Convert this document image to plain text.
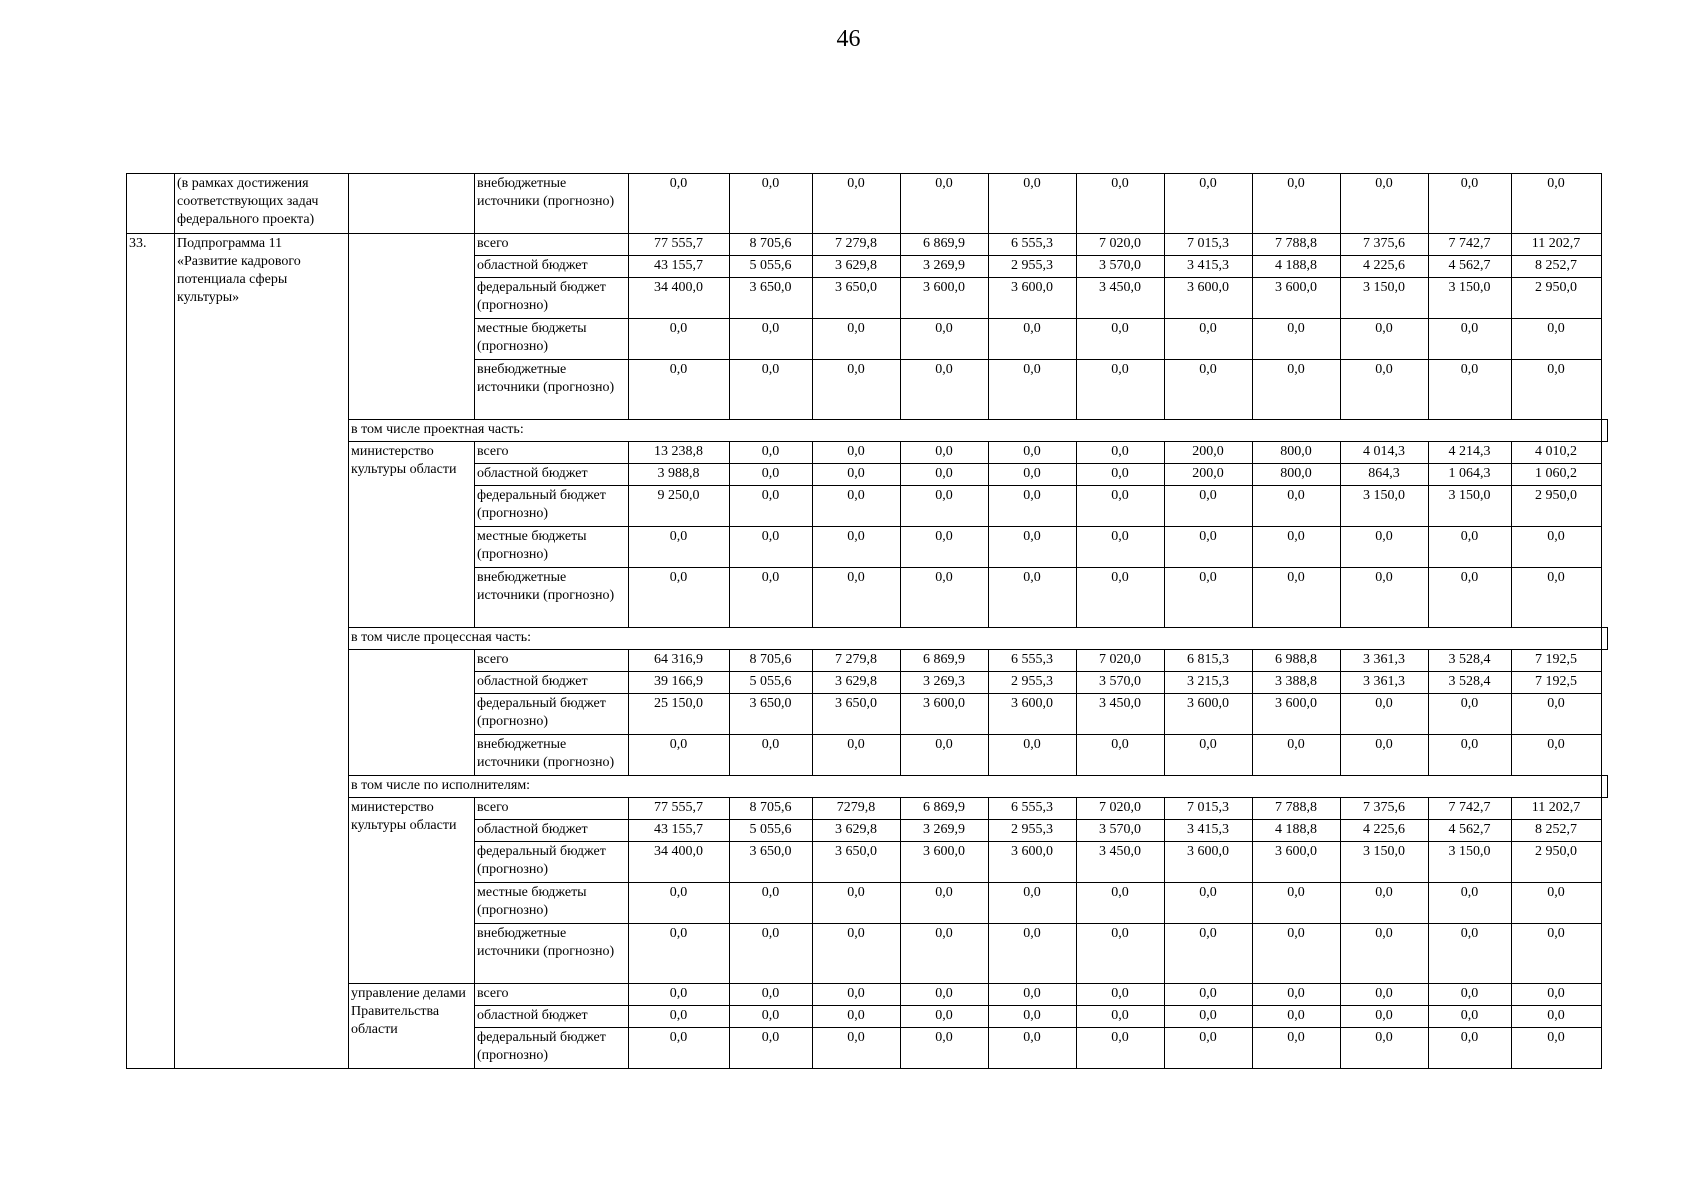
46
	(в рамках достижения соответствующих задач федерального проекта)		внебюджетные источники (прогнозно)	0,0	0,0	0,0	0,0	0,0	0,0	0,0	0,0	0,0	0,0	0,0	
33.	Подпрограмма 11 «Развитие кадрового потенциала сферы культуры»		всего	77 555,7	8 705,6	7 279,8	6 869,9	6 555,3	7 020,0	7 015,3	7 788,8	7 375,6	7 742,7	11 202,7	
			областной бюджет	43 155,7	5 055,6	3 629,8	3 269,9	2 955,3	3 570,0	3 415,3	4 188,8	4 225,6	4 562,7	8 252,7	
			федеральный бюджет (прогнозно)	34 400,0	3 650,0	3 650,0	3 600,0	3 600,0	3 450,0	3 600,0	3 600,0	3 150,0	3 150,0	2 950,0	
			местные бюджеты (прогнозно)	0,0	0,0	0,0	0,0	0,0	0,0	0,0	0,0	0,0	0,0	0,0	
			внебюджетные источники (прогнозно)	0,0	0,0	0,0	0,0	0,0	0,0	0,0	0,0	0,0	0,0	0,0	
		в том числе проектная часть:													
		министерство культуры области	всего	13 238,8	0,0	0,0	0,0	0,0	0,0	200,0	800,0	4 014,3	4 214,3	4 010,2	
			областной бюджет	3 988,8	0,0	0,0	0,0	0,0	0,0	200,0	800,0	864,3	1 064,3	1 060,2	
			федеральный бюджет (прогнозно)	9 250,0	0,0	0,0	0,0	0,0	0,0	0,0	0,0	3 150,0	3 150,0	2 950,0	
			местные бюджеты (прогнозно)	0,0	0,0	0,0	0,0	0,0	0,0	0,0	0,0	0,0	0,0	0,0	
			внебюджетные источники (прогнозно)	0,0	0,0	0,0	0,0	0,0	0,0	0,0	0,0	0,0	0,0	0,0	
		в том числе процессная часть:													
			всего	64 316,9	8 705,6	7 279,8	6 869,9	6 555,3	7 020,0	6 815,3	6 988,8	3 361,3	3 528,4	7 192,5	
			областной бюджет	39 166,9	5 055,6	3 629,8	3 269,3	2 955,3	3 570,0	3 215,3	3 388,8	3 361,3	3 528,4	7 192,5	
			федеральный бюджет (прогнозно)	25 150,0	3 650,0	3 650,0	3 600,0	3 600,0	3 450,0	3 600,0	3 600,0	0,0	0,0	0,0	
			внебюджетные источники (прогнозно)	0,0	0,0	0,0	0,0	0,0	0,0	0,0	0,0	0,0	0,0	0,0	
		в том числе по исполнителям:													
		министерство культуры области	всего	77 555,7	8 705,6	7279,8	6 869,9	6 555,3	7 020,0	7 015,3	7 788,8	7 375,6	7 742,7	11 202,7	
			областной бюджет	43 155,7	5 055,6	3 629,8	3 269,9	2 955,3	3 570,0	3 415,3	4 188,8	4 225,6	4 562,7	8 252,7	
			федеральный бюджет (прогнозно)	34 400,0	3 650,0	3 650,0	3 600,0	3 600,0	3 450,0	3 600,0	3 600,0	3 150,0	3 150,0	2 950,0	
			местные бюджеты (прогнозно)	0,0	0,0	0,0	0,0	0,0	0,0	0,0	0,0	0,0	0,0	0,0	
			внебюджетные источники (прогнозно)	0,0	0,0	0,0	0,0	0,0	0,0	0,0	0,0	0,0	0,0	0,0	
		управление делами Правительства области	всего	0,0	0,0	0,0	0,0	0,0	0,0	0,0	0,0	0,0	0,0	0,0	
			областной бюджет	0,0	0,0	0,0	0,0	0,0	0,0	0,0	0,0	0,0	0,0	0,0	
			федеральный бюджет (прогнозно)	0,0	0,0	0,0	0,0	0,0	0,0	0,0	0,0	0,0	0,0	0,0	
